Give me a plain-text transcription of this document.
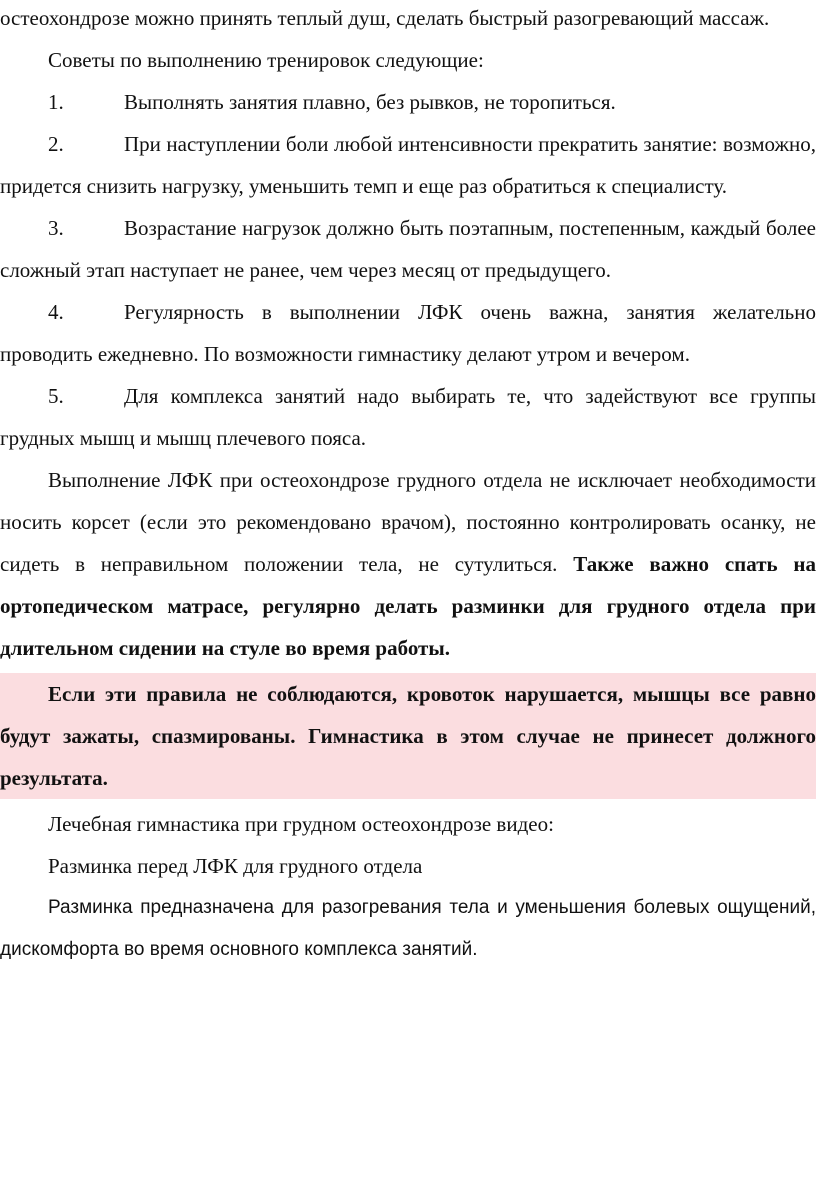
остеохондрозе можно принять теплый душ, сделать быстрый разогревающий массаж.

Советы по выполнению тренировок следующие:

1.	Выполнять занятия плавно, без рывков, не торопиться.

2.	При наступлении боли любой интенсивности прекратить занятие: возможно, придется снизить нагрузку, уменьшить темп и еще раз обратиться к специалисту.

3.	Возрастание нагрузок должно быть поэтапным, постепенным, каждый более сложный этап наступает не ранее, чем через месяц от предыдущего.

4.	Регулярность в выполнении ЛФК очень важна, занятия желательно проводить ежедневно. По возможности гимнастику делают утром и вечером.

5.	Для комплекса занятий надо выбирать те, что задействуют все группы грудных мышц и мышц плечевого пояса.

Выполнение ЛФК при остеохондрозе грудного отдела не исключает необходимости носить корсет (если это рекомендовано врачом), постоянно контролировать осанку, не сидеть в неправильном положении тела, не сутулиться. Также важно спать на ортопедическом матрасе, регулярно делать разминки для грудного отдела при длительном сидении на стуле во время работы.

Если эти правила не соблюдаются, кровоток нарушается, мышцы все равно будут зажаты, спазмированы. Гимнастика в этом случае не принесет должного результата.

Лечебная гимнастика при грудном остеохондрозе видео:

Разминка перед ЛФК для грудного отдела

Разминка предназначена для разогревания тела и уменьшения болевых ощущений, дискомфорта во время основного комплекса занятий.
